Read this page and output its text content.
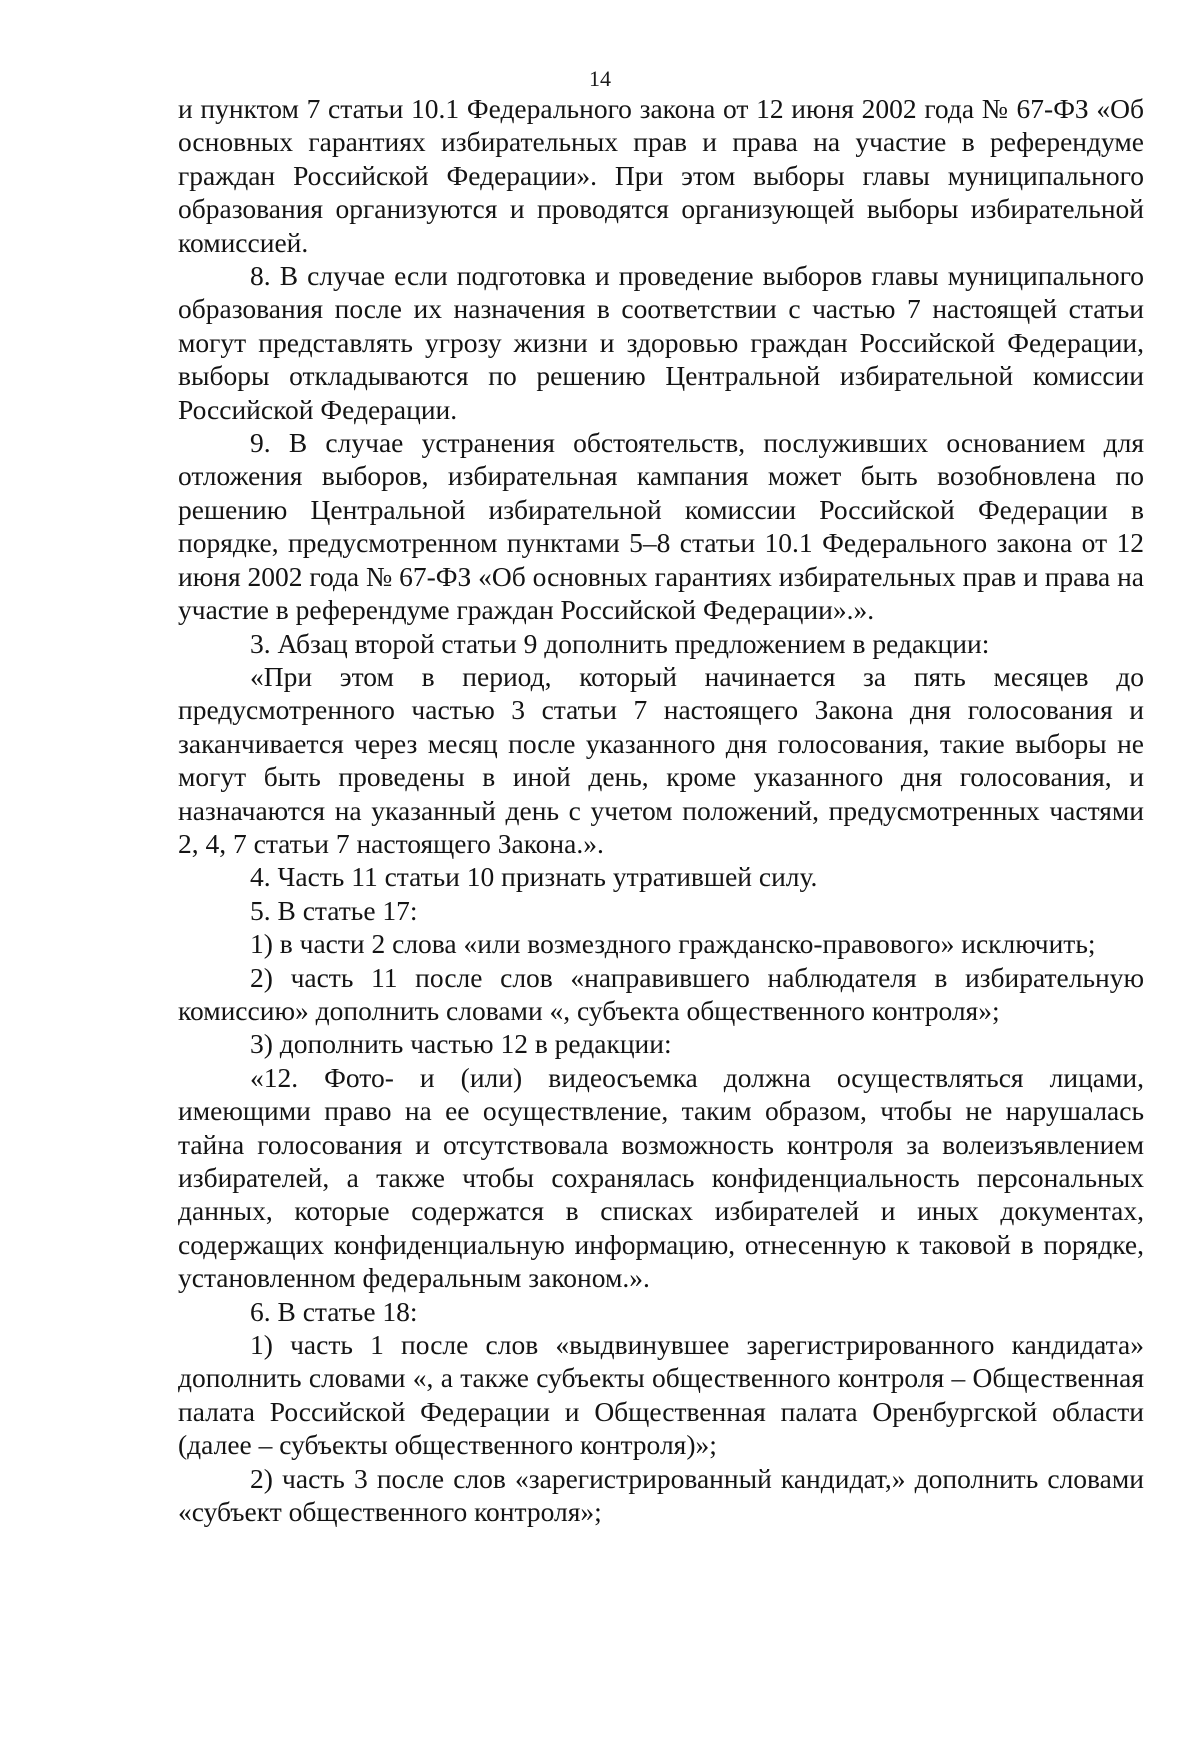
14

и пунктом 7 статьи 10.1 Федерального закона от 12 июня 2002 года № 67-ФЗ «Об основных гарантиях избирательных прав и права на участие в референдуме граждан Российской Федерации». При этом выборы главы муниципального образования организуются и проводятся организующей выборы избирательной комиссией.

8. В случае если подготовка и проведение выборов главы муниципального образования после их назначения в соответствии с частью 7 настоящей статьи могут представлять угрозу жизни и здоровью граждан Российской Федерации, выборы откладываются по решению Центральной избирательной комиссии Российской Федерации.

9. В случае устранения обстоятельств, послуживших основанием для отложения выборов, избирательная кампания может быть возобновлена по решению Центральной избирательной комиссии Российской Федерации в порядке, предусмотренном пунктами 5–8 статьи 10.1 Федерального закона от 12 июня 2002 года № 67-ФЗ «Об основных гарантиях избирательных прав и права на участие в референдуме граждан Российской Федерации».».

3. Абзац второй статьи 9 дополнить предложением в редакции:

«При этом в период, который начинается за пять месяцев до предусмотренного частью 3 статьи 7 настоящего Закона дня голосования и заканчивается через месяц после указанного дня голосования, такие выборы не могут быть проведены в иной день, кроме указанного дня голосования, и назначаются на указанный день с учетом положений, предусмотренных частями 2, 4, 7 статьи 7 настоящего Закона.».

4. Часть 11 статьи 10 признать утратившей силу.

5. В статье 17:

1) в части 2 слова «или возмездного гражданско-правового» исключить;

2) часть 11 после слов «направившего наблюдателя в избирательную комиссию» дополнить словами «, субъекта общественного контроля»;

3) дополнить частью 12 в редакции:

«12. Фото- и (или) видеосъемка должна осуществляться лицами, имеющими право на ее осуществление, таким образом, чтобы не нарушалась тайна голосования и отсутствовала возможность контроля за волеизъявлением избирателей, а также чтобы сохранялась конфиденциальность персональных данных, которые содержатся в списках избирателей и иных документах, содержащих конфиденциальную информацию, отнесенную к таковой в порядке, установленном федеральным законом.».

6. В статье 18:

1) часть 1 после слов «выдвинувшее зарегистрированного кандидата» дополнить словами «, а также субъекты общественного контроля – Общественная палата Российской Федерации и Общественная палата Оренбургской области (далее – субъекты общественного контроля)»;

2) часть 3 после слов «зарегистрированный кандидат,» дополнить словами «субъект общественного контроля»;
